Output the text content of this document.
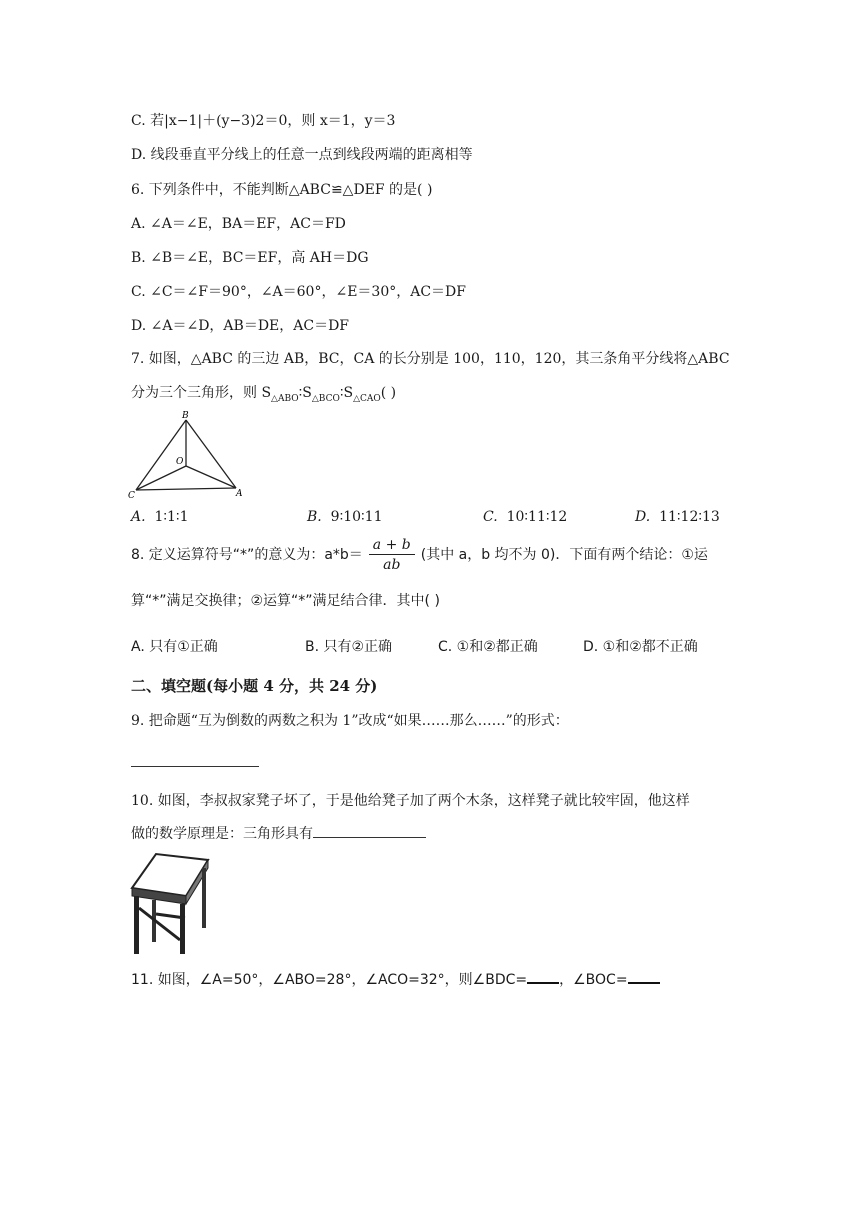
C. 若|x−1|＋(y−3)2＝0，则 x＝1，y＝3
D. 线段垂直平分线上的任意一点到线段两端的距离相等
6. 下列条件中，不能判断△ABC≌△DEF 的是( )
A. ∠A＝∠E，BA＝EF，AC＝FD
B. ∠B＝∠E，BC＝EF，高 AH＝DG
C. ∠C＝∠F＝90°，∠A＝60°，∠E＝30°，AC＝DF
D. ∠A＝∠D，AB＝DE，AC＝DF
7. 如图，△ABC 的三边 AB，BC，CA 的长分别是 100，110，120，其三条角平分线将△ABC
分为三个三角形，则 $S_{\triangle ABO}∶S_{\triangle BCO}∶S_{\triangle CAO}$( )
B
O
C	A
A. 1∶1∶1	B. 9∶10∶11	C. 10∶11∶12	D. 11∶12∶13
8. 定义运算符号“*”的意义为：$a*b= \frac{a + b}{ab}$ (其中 a，b 均不为 0)．下面有两个结论：①运
算“*”满足交换律；②运算“*”满足结合律．其中( )
A. 只有①正确	B. 只有②正确	C. ①和②都正确	D. ①和②都不正确
二、填空题(每小题 4 分，共 24 分)
9. 把命题“互为倒数的两数之积为 1”改成“如果……那么……”的形式：
10. 如图，李叔叔家凳子坏了，于是他给凳子加了两个木条，这样凳子就比较牢固，他这样
做的数学原理是：三角形具有
11. 如图，∠A=50°，∠ABO=28°，∠ACO=32°，则∠BDC= ，∠BOC=
